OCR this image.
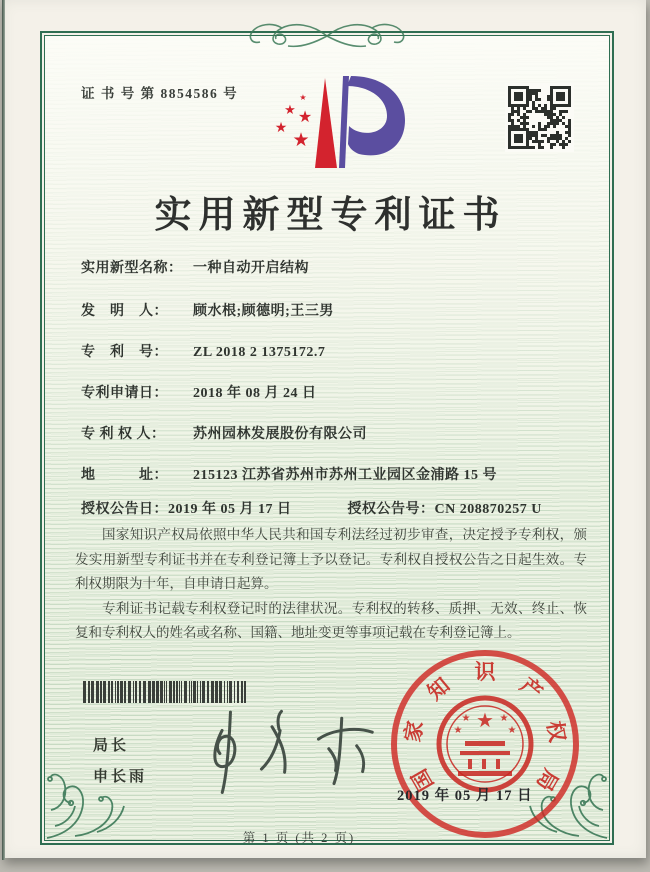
证 书 号 第 8854586 号	★
★ ★
★
★
实用新型专利证书
实用新型名称： 一种自动开启结构
发　明　人： 顾水根;顾德明;王三男
专　利　号： ZL 2018 2 1375172.7
专利申请日： 2018 年 08 月 24 日
专 利 权 人： 苏州园林发展股份有限公司
地　　　址： 215123 江苏省苏州市苏州工业园区金浦路 15 号
授权公告日：2019 年 05 月 17 日	授权公告号：CN 208870257 U

国家知识产权局依照中华人民共和国专利法经过初步审查，决定授予专利权，颁发实用新型专利证书并在专利登记簿上予以登记。专利权自授权公告之日起生效。专利权期限为十年，自申请日起算。

专利证书记载专利权登记时的法律状况。专利权的转移、质押、无效、终止、恢复和专利权人的姓名或名称、国籍、地址变更等事项记载在专利登记簿上。

局长
申长雨
★
★	★
★	★
国
家
知
识
产
权
局
2019 年 05 月 17 日
第 1 页 (共 2 页)
